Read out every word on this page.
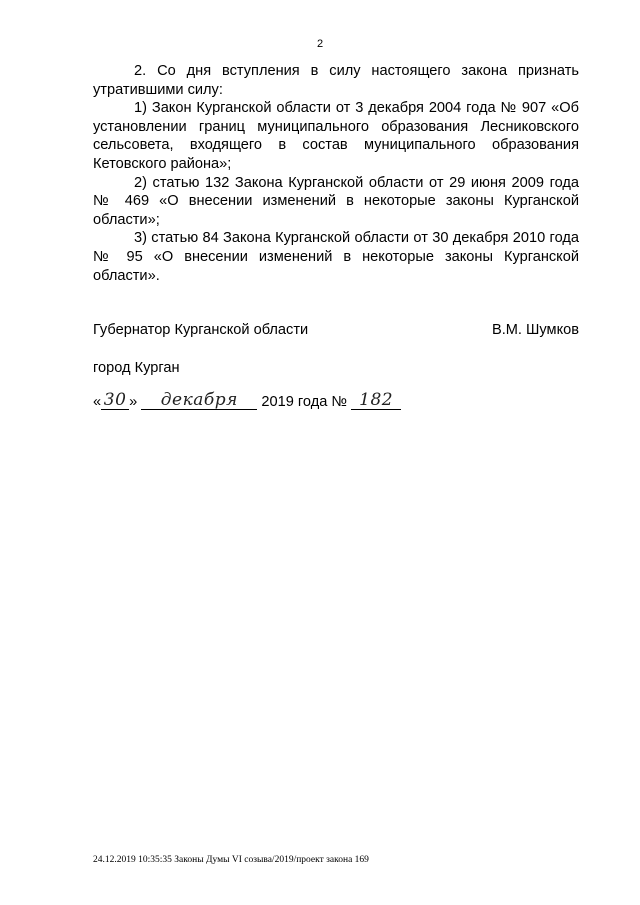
2

2. Со дня вступления в силу настоящего закона признать утратившими силу:

1) Закон Курганской области от 3 декабря 2004 года № 907 «Об установлении границ муниципального образования Лесниковского сельсовета, входящего в состав муниципального образования Кетовского района»;

2) статью 132 Закона Курганской области от 29 июня 2009 года № 469 «О внесении изменений в некоторые законы Курганской области»;

3) статью 84 Закона Курганской области от 30 декабря 2010 года № 95 «О внесении изменений в некоторые законы Курганской области».

Губернатор Курганской области	В.М. Шумков
город Курган
« 30 » декабря 2019 года № 182
24.12.2019 10:35:35 Законы Думы VI созыва/2019/проект закона 169
